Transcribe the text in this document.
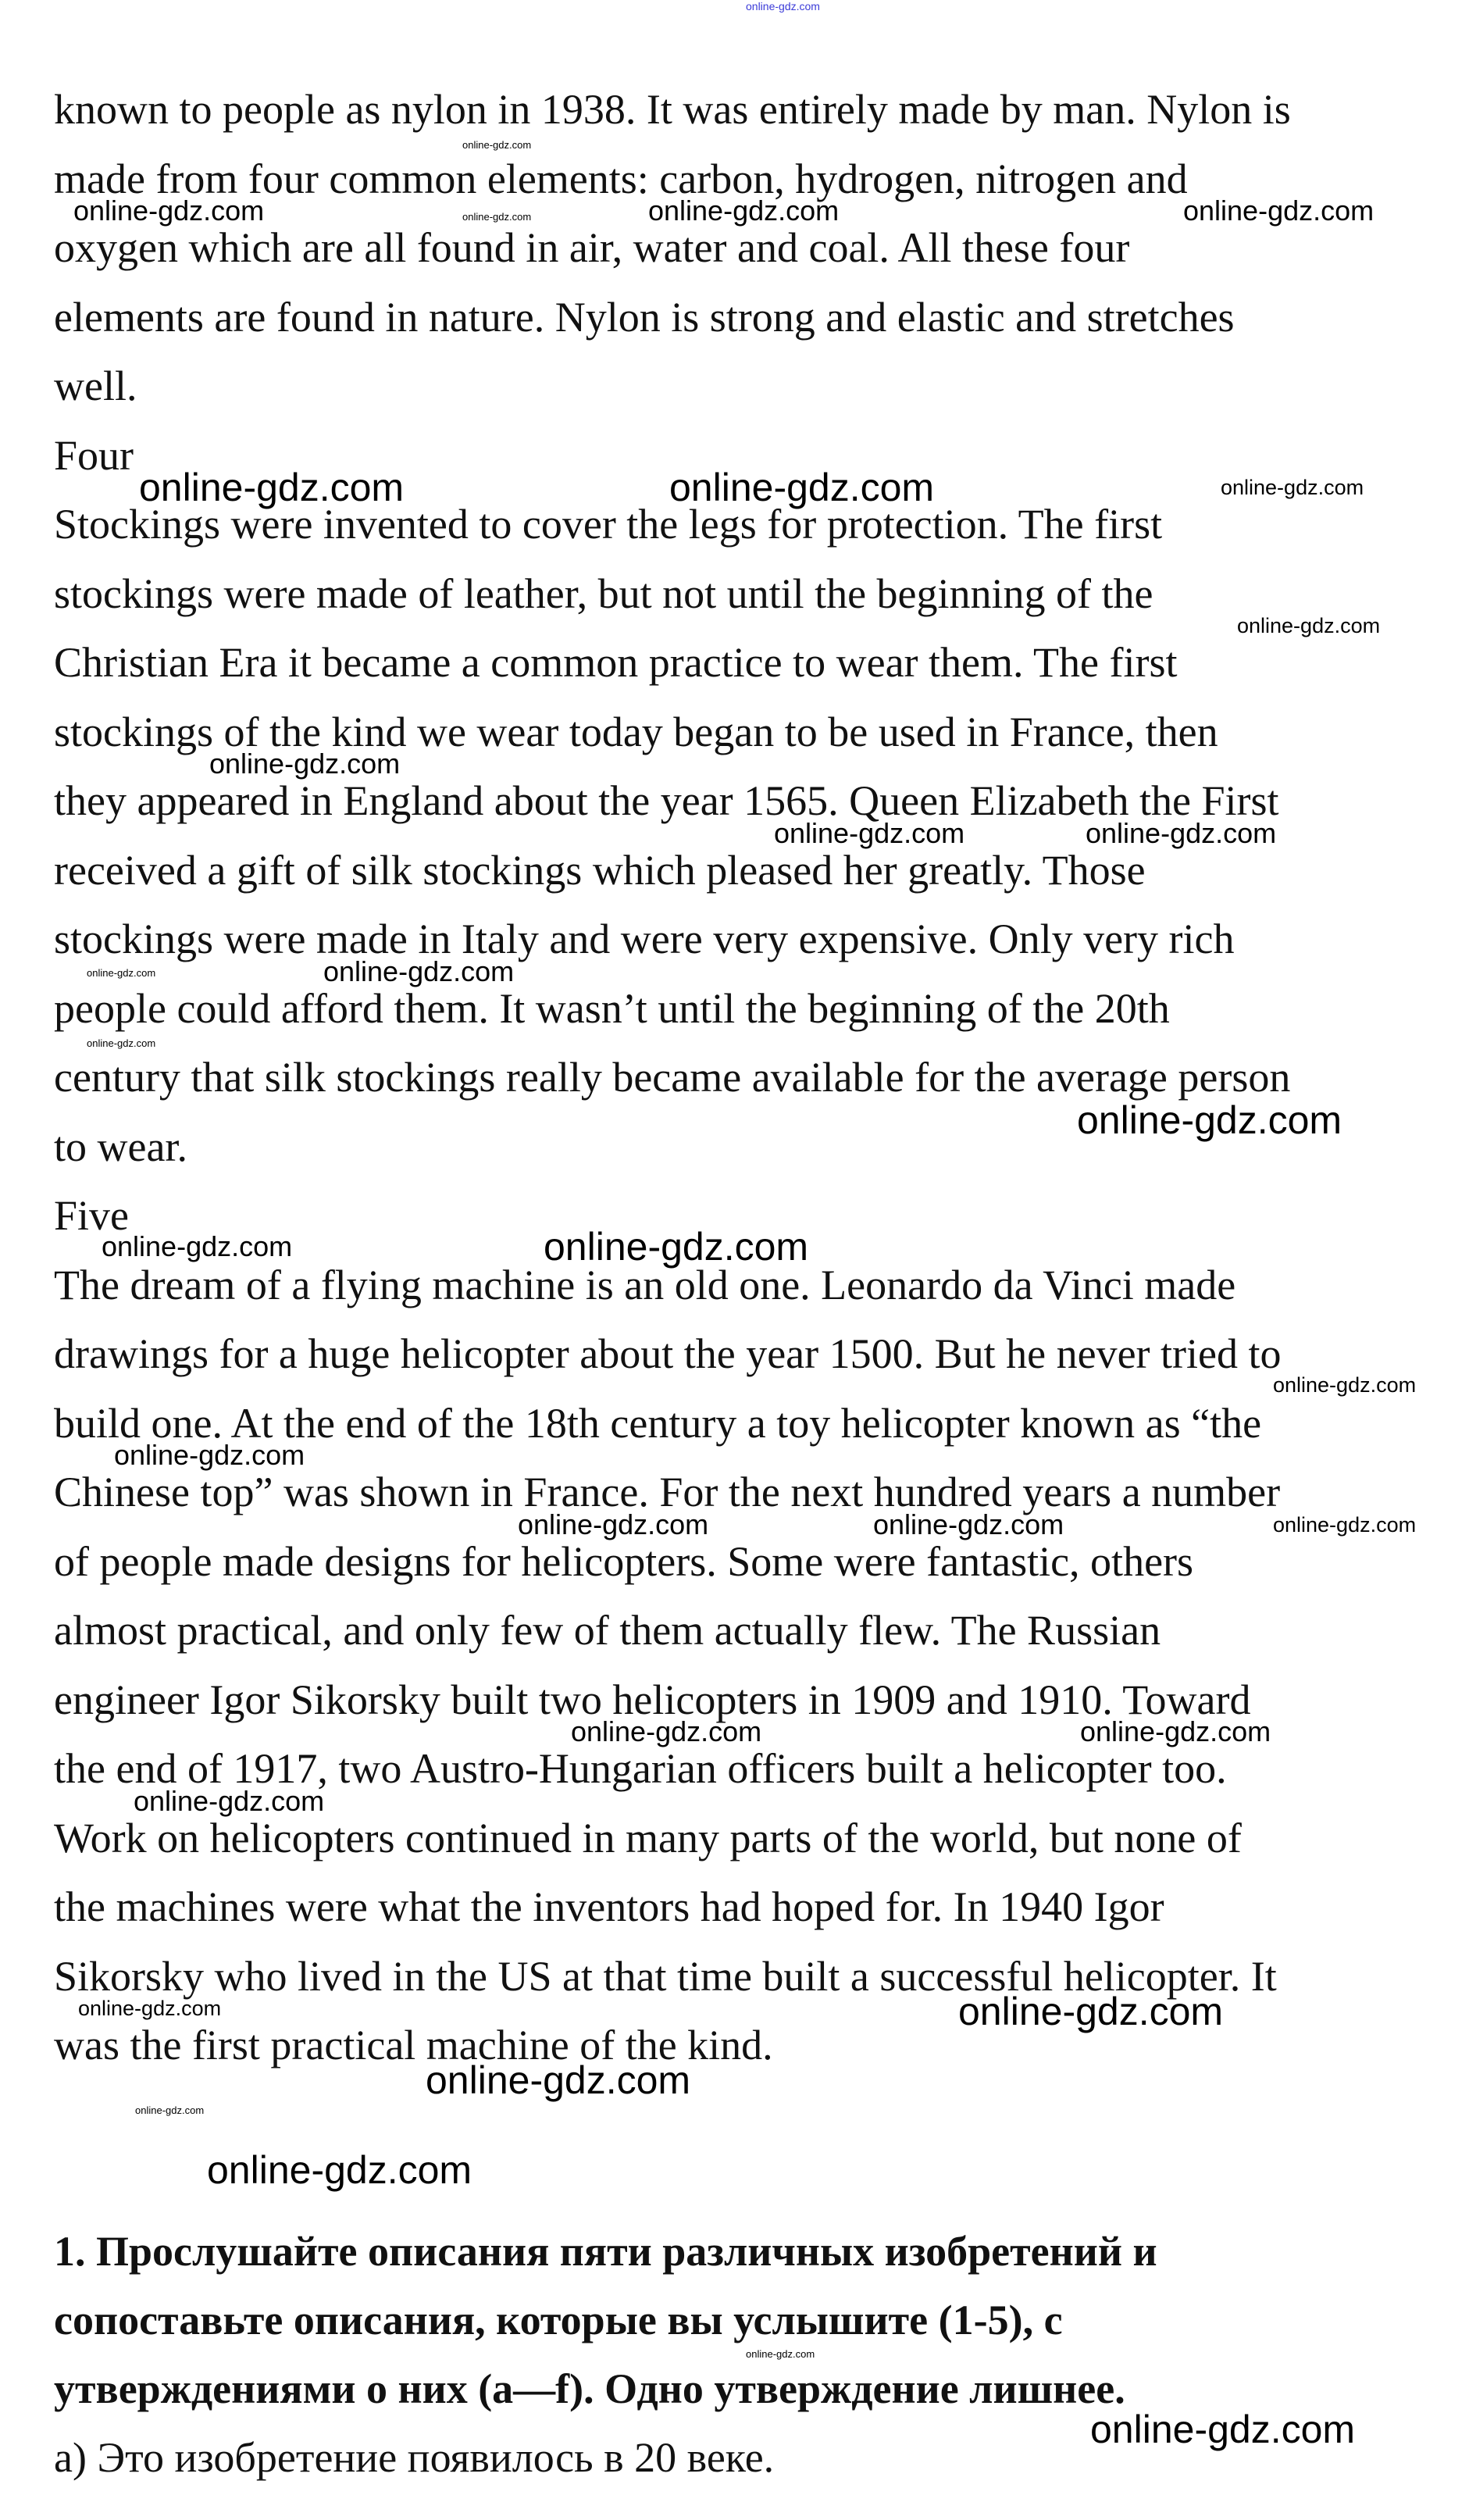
known to people as nylon in 1938. It was entirely made by man. Nylon is
made from four common elements: carbon, hydrogen, nitrogen and
oxygen which are all found in air, water and coal. All these four
elements are found in nature. Nylon is strong and elastic and stretches
well.
Four
Stockings were invented to cover the legs for protection. The first
stockings were made of leather, but not until the beginning of the
Christian Era it became a common practice to wear them. The first
stockings of the kind we wear today began to be used in France, then
they appeared in England about the year 1565. Queen Elizabeth the First
received a gift of silk stockings which pleased her greatly. Those
stockings were made in Italy and were very expensive. Only very rich
people could afford them. It wasn’t until the beginning of the 20th
century that silk stockings really became available for the average person
to wear.
Five
The dream of a flying machine is an old one. Leonardo da Vinci made
drawings for a huge helicopter about the year 1500. But he never tried to
build one. At the end of the 18th century a toy helicopter known as “the
Chinese top” was shown in France. For the next hundred years a number
of people made designs for helicopters. Some were fantastic, others
almost practical, and only few of them actually flew. The Russian
engineer Igor Sikorsky built two helicopters in 1909 and 1910. Toward
the end of 1917, two Austro-Hungarian officers built a helicopter too.
Work on helicopters continued in many parts of the world, but none of
the machines were what the inventors had hoped for. In 1940 Igor
Sikorsky who lived in the US at that time built a successful helicopter. It
was the first practical machine of the kind.
1. Прослушайте описания пяти различных изобретений и
сопоставьте описания, которые вы услышите (1-5), с
утверждениями о них (a—f). Одно утверждение лишнее.
а) Это изобретение появилось в 20 веке.
online-gdz.com
online-gdz.com
online-gdz.com	online-gdz.com	online-gdz.com	online-gdz.com
online-gdz.com	online-gdz.com	online-gdz.com
online-gdz.com
online-gdz.com
online-gdz.com	online-gdz.com
online-gdz.com	online-gdz.com
online-gdz.com
online-gdz.com
online-gdz.com	online-gdz.com
online-gdz.com
online-gdz.com
online-gdz.com	online-gdz.com	online-gdz.com
online-gdz.com	online-gdz.com
online-gdz.com
online-gdz.com	online-gdz.com
online-gdz.com
online-gdz.com
online-gdz.com
online-gdz.com
online-gdz.com
